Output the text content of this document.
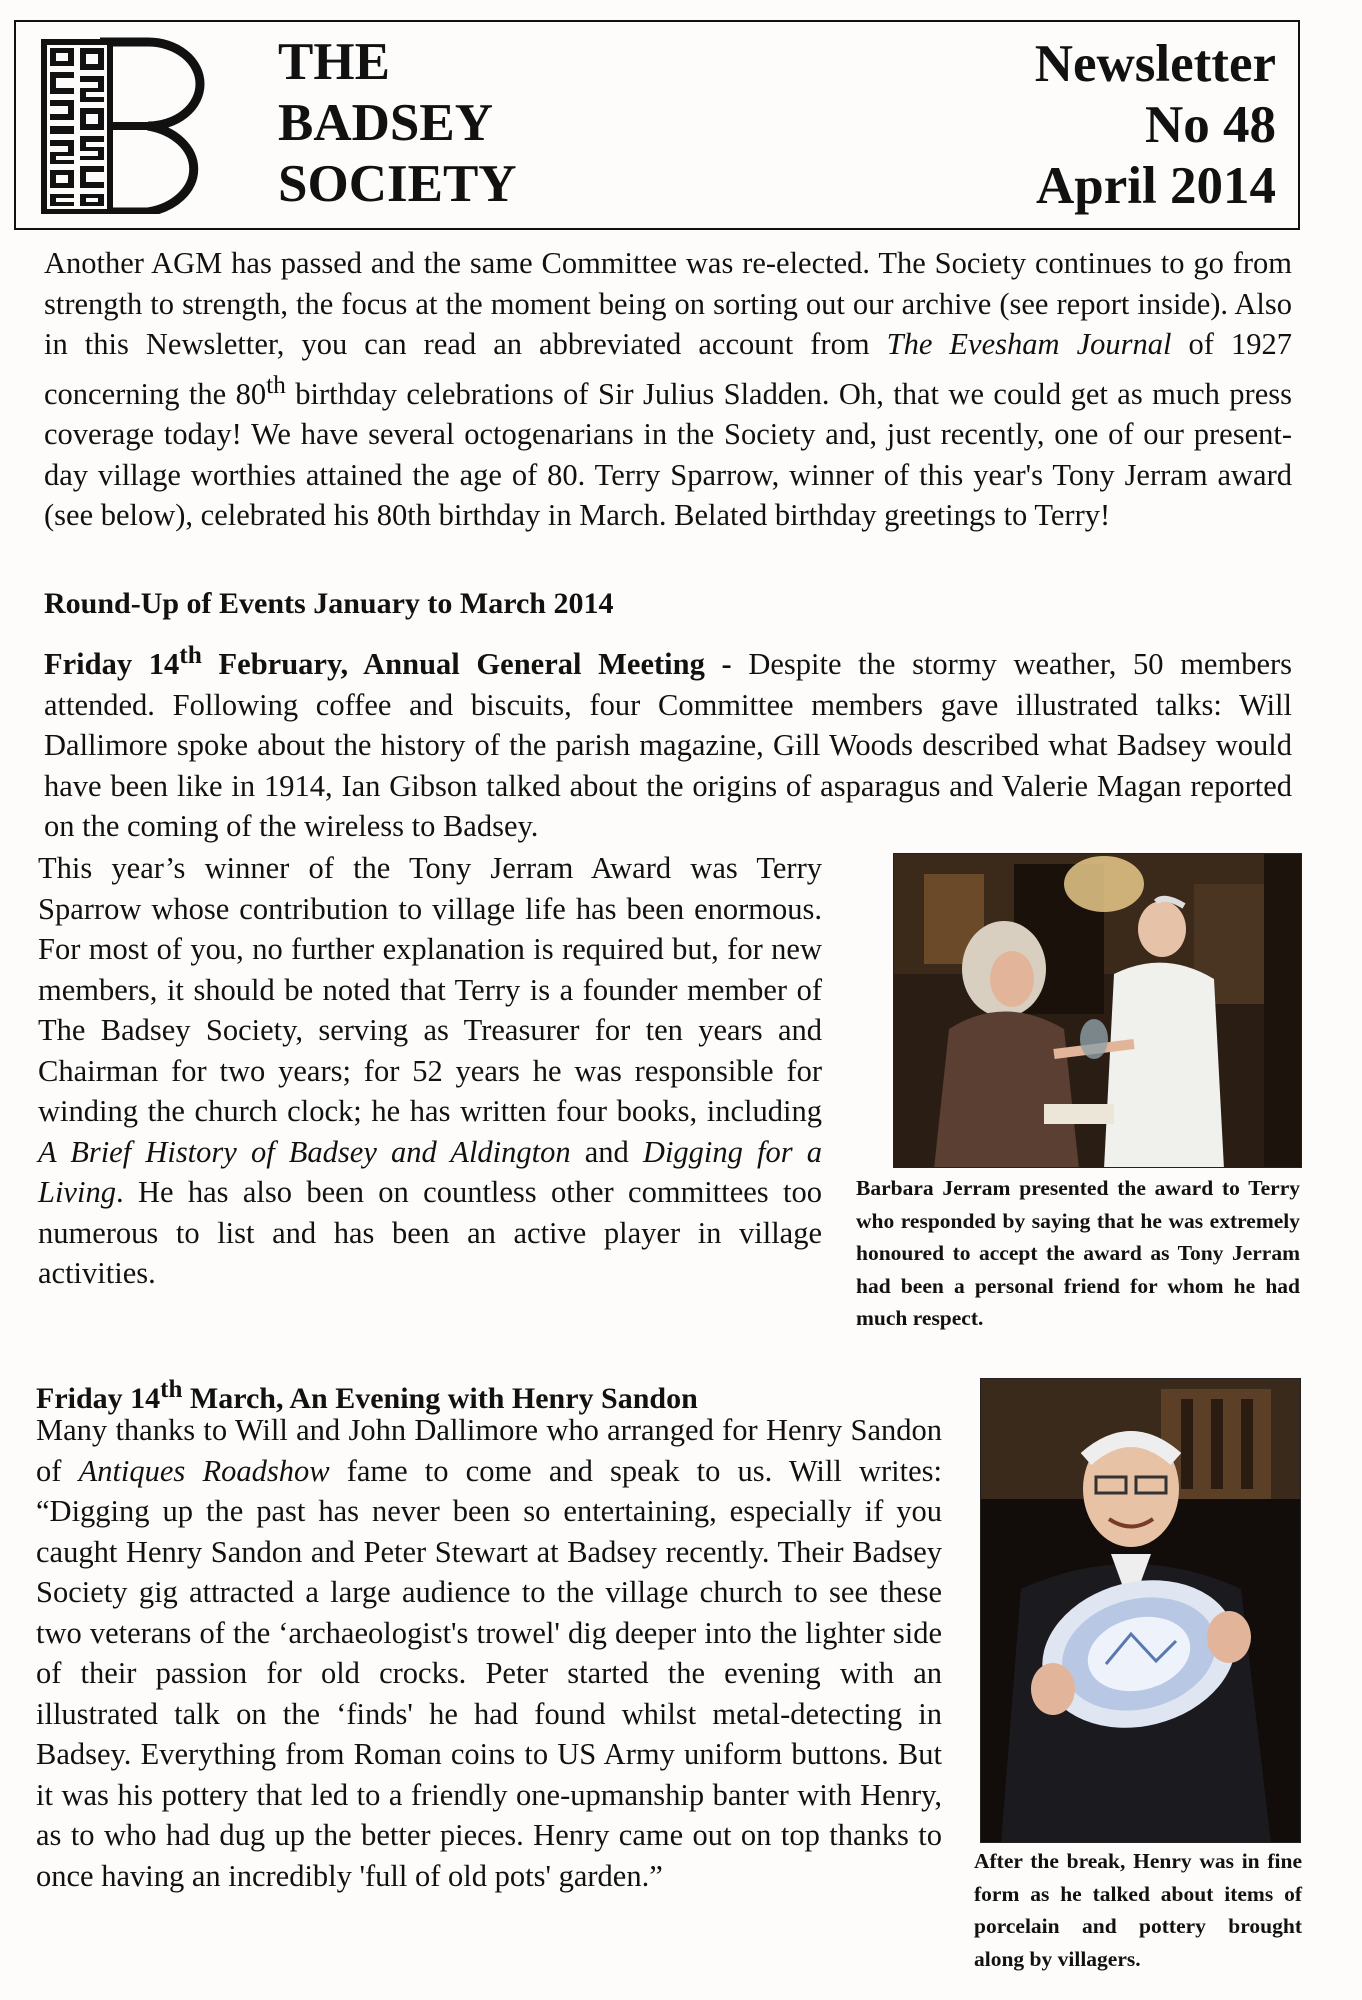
THE
BADSEY
SOCIETY
Newsletter
No 48
April 2014

Another AGM has passed and the same Committee was re-elected. The Society continues to go from strength to strength, the focus at the moment being on sorting out our archive (see report inside). Also in this Newsletter, you can read an abbreviated account from The Evesham Journal of 1927 concerning the 80th birthday celebrations of Sir Julius Sladden. Oh, that we could get as much press coverage today! We have several octogenarians in the Society and, just recently, one of our present-day village worthies attained the age of 80. Terry Sparrow, winner of this year's Tony Jerram award (see below), celebrated his 80th birthday in March. Belated birthday greetings to Terry!

Round-Up of Events January to March 2014

Friday 14th February, Annual General Meeting - Despite the stormy weather, 50 members attended. Following coffee and biscuits, four Committee members gave illustrated talks: Will Dallimore spoke about the history of the parish magazine, Gill Woods described what Badsey would have been like in 1914, Ian Gibson talked about the origins of asparagus and Valerie Magan reported on the coming of the wireless to Badsey.

This year’s winner of the Tony Jerram Award was Terry Sparrow whose contribution to village life has been enormous. For most of you, no further explanation is required but, for new members, it should be noted that Terry is a founder member of The Badsey Society, serving as Treasurer for ten years and Chairman for two years; for 52 years he was responsible for winding the church clock; he has written four books, including A Brief History of Badsey and Aldington and Digging for a Living. He has also been on countless other committees too numerous to list and has been an active player in village activities.

Barbara Jerram presented the award to Terry who responded by saying that he was extremely honoured to accept the award as Tony Jerram had been a personal friend for whom he had much respect.

Friday 14th March, An Evening with Henry Sandon

Many thanks to Will and John Dallimore who arranged for Henry Sandon of Antiques Roadshow fame to come and speak to us. Will writes: “Digging up the past has never been so entertaining, especially if you caught Henry Sandon and Peter Stewart at Badsey recently. Their Badsey Society gig attracted a large audience to the village church to see these two veterans of the ‘archaeologist's trowel' dig deeper into the lighter side of their passion for old crocks. Peter started the evening with an illustrated talk on the ‘finds' he had found whilst metal-detecting in Badsey. Everything from Roman coins to US Army uniform buttons. But it was his pottery that led to a friendly one-upmanship banter with Henry, as to who had dug up the better pieces. Henry came out on top thanks to once having an incredibly 'full of old pots' garden.”	After the break, Henry was in fine form as he talked about items of porcelain and pottery brought along by villagers.
